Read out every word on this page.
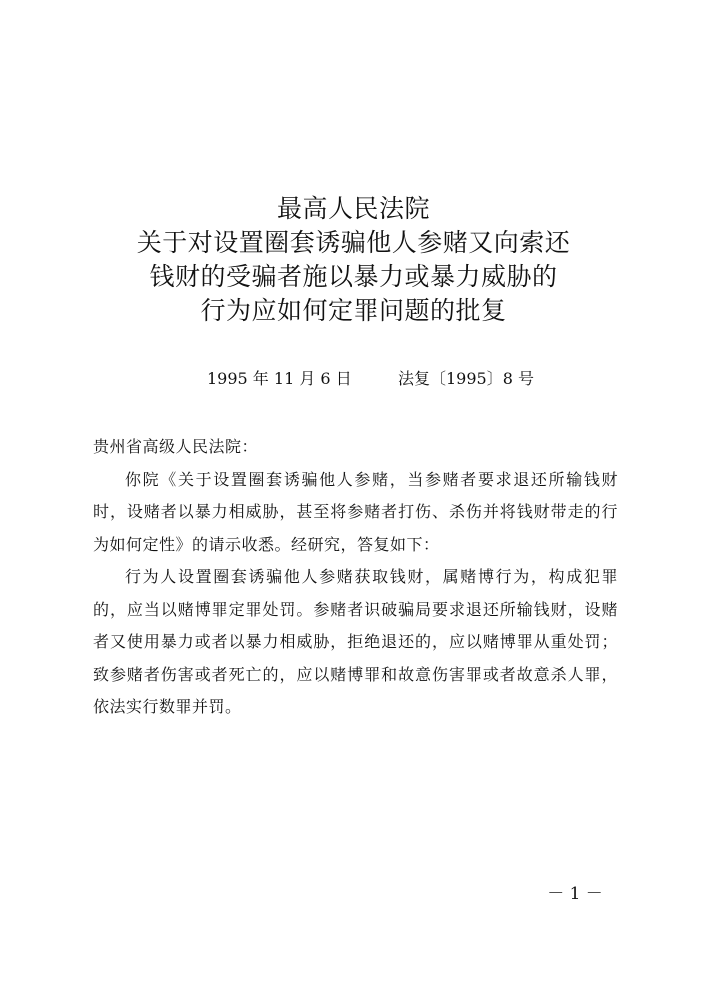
最高人民法院
关于对设置圈套诱骗他人参赌又向索还
钱财的受骗者施以暴力或暴力威胁的
行为应如何定罪问题的批复
1995 年 11 月 6 日	法复〔1995〕8 号

贵州省高级人民法院：

你院《关于设置圈套诱骗他人参赌，当参赌者要求退还所输钱财时，设赌者以暴力相威胁，甚至将参赌者打伤、杀伤并将钱财带走的行为如何定性》的请示收悉。经研究，答复如下：

行为人设置圈套诱骗他人参赌获取钱财，属赌博行为，构成犯罪的，应当以赌博罪定罪处罚。参赌者识破骗局要求退还所输钱财，设赌者又使用暴力或者以暴力相威胁，拒绝退还的，应以赌博罪从重处罚；致参赌者伤害或者死亡的，应以赌博罪和故意伤害罪或者故意杀人罪，依法实行数罪并罚。

－ 1 －
